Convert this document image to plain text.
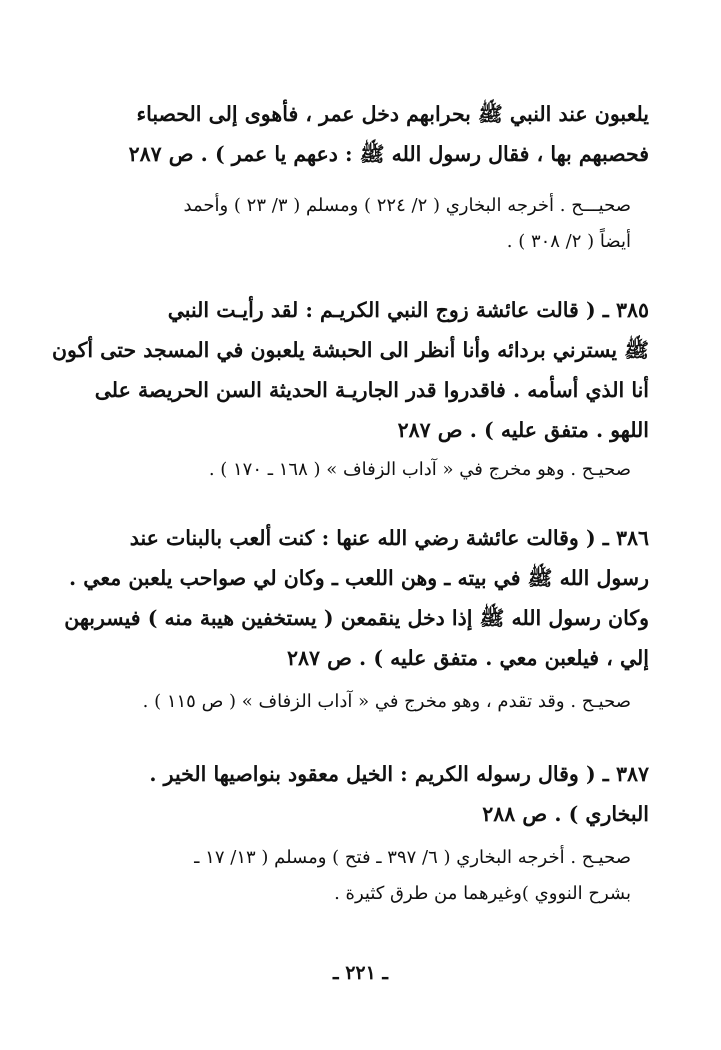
يلعبون عند النبي ﷺ بحرابهم دخل عمر ، فأهوى إلى الحصباء
فحصبهم بها ، فقال رسول الله ﷺ : دعهم يا عمر ) . ص ٢٨٧
صحيـــح . أخرجه البخاري ( ٢/ ٢٢٤ ) ومسلم ( ٣/ ٢٣ ) وأحمد
أيضاً ( ٢/ ٣٠٨ ) .
٣٨٥ ـ ( قالت عائشة زوج النبي الكريـم : لقد رأيـت النبي
ﷺ يسترني بردائه وأنا أنظر الى الحبشة يلعبون في المسجد حتى أكون
أنا الذي أسأمه . فاقدروا قدر الجاريـة الحديثة السن الحريصة على
اللهو . متفق عليه ) . ص ٢٨٧
صحيـح . وهو مخرج في « آداب الزفاف » ( ١٦٨ ـ ١٧٠ ) .
٣٨٦ ـ ( وقالت عائشة رضي الله عنها : كنت ألعب بالبنات عند
رسول الله ﷺ في بيته ـ وهن اللعب ـ وكان لي صواحب يلعبن معي .
وكان رسول الله ﷺ إذا دخل ينقمعن ( يستخفين هيبة منه ) فيسربهن
إلي ، فيلعبن معي . متفق عليه ) . ص ٢٨٧
صحيـح . وقد تقدم ، وهو مخرج في « آداب الزفاف » ( ص ١١٥ ) .
٣٨٧ ـ ( وقال رسوله الكريم : الخيل معقود بنواصيها الخير .
البخاري ) . ص ٢٨٨
صحيـح . أخرجه البخاري ( ٦/ ٣٩٧ ـ فتح ) ومسلم ( ١٣/ ١٧ ـ
بشرح النووي )وغيرهما من طرق كثيرة .
ـ ٢٢١ ـ
